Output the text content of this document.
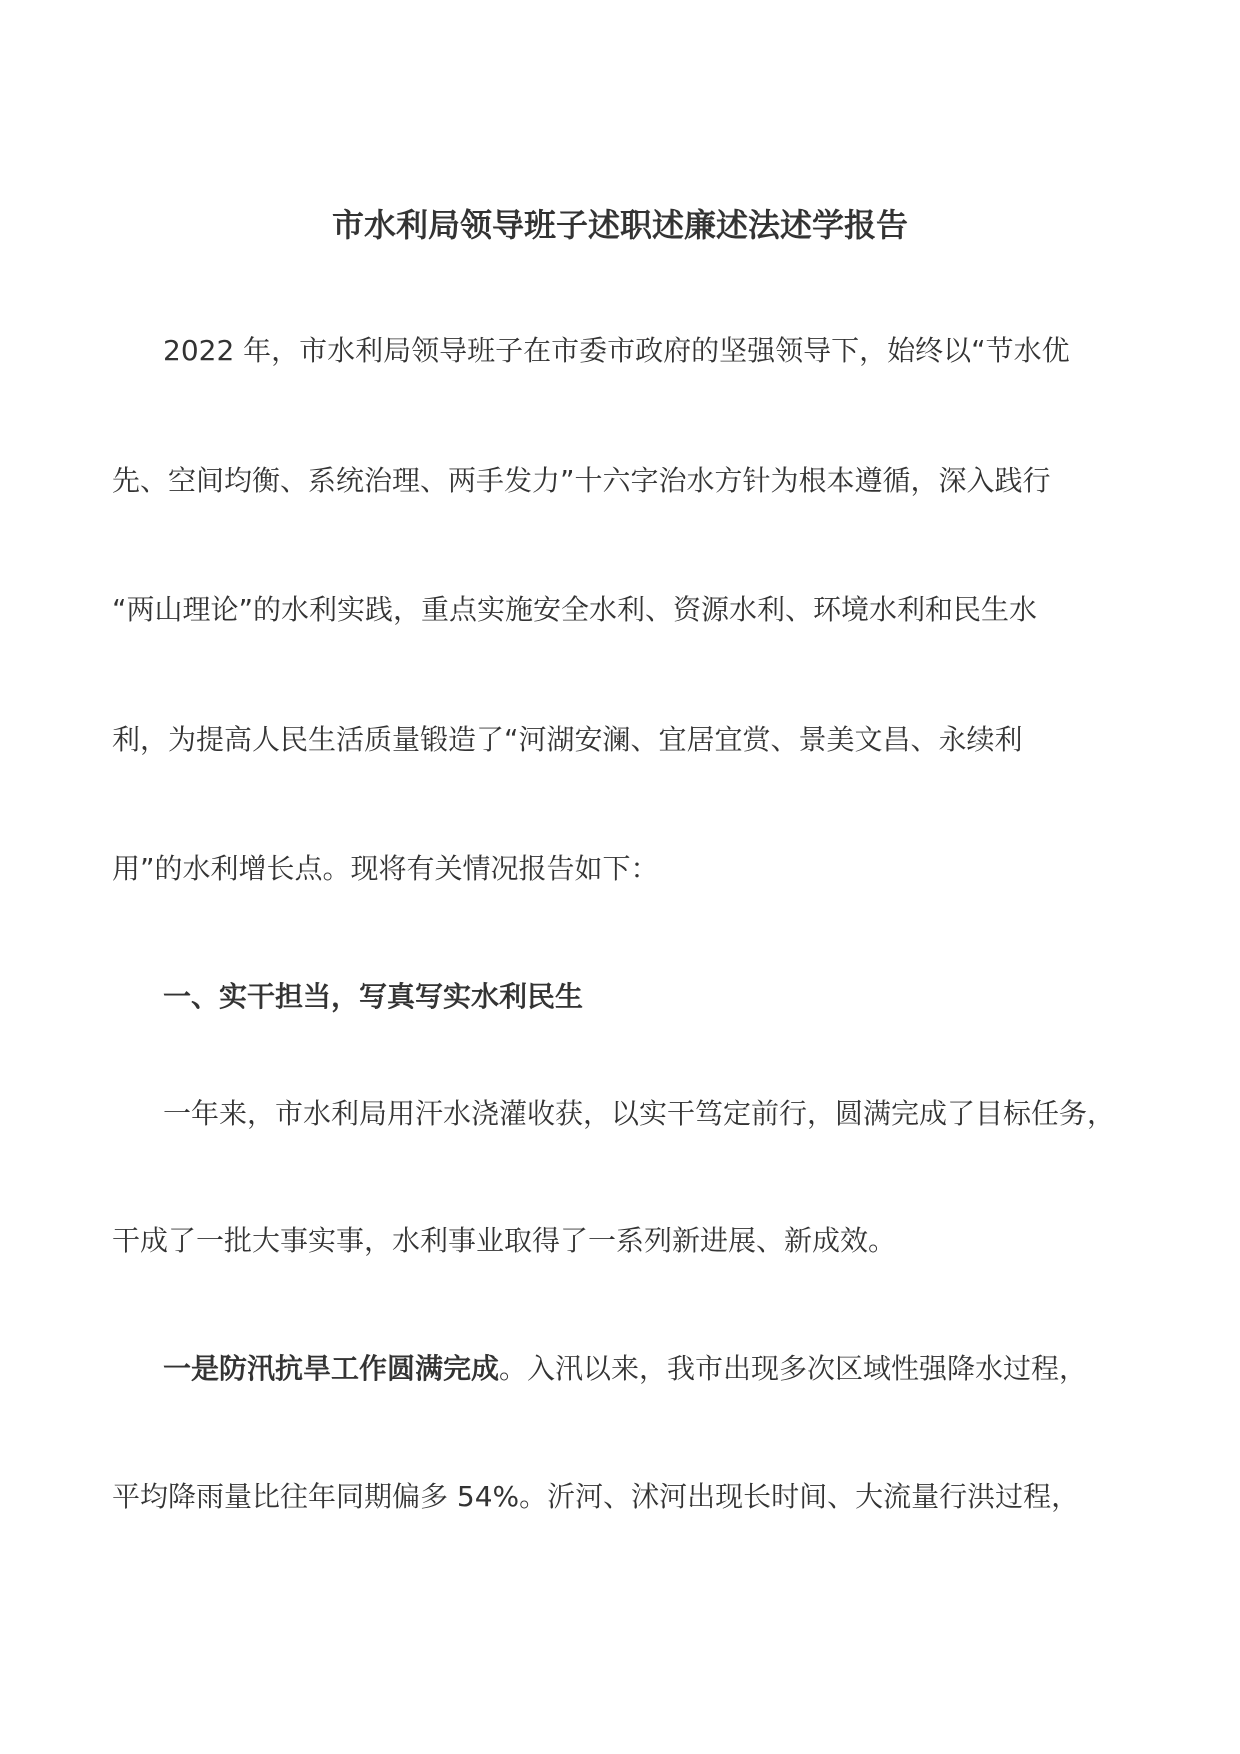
市水利局领导班子述职述廉述法述学报告
2022 年，市水利局领导班子在市委市政府的坚强领导下，始终以“节水优
先、空间均衡、系统治理、两手发力”十六字治水方针为根本遵循，深入践行
“两山理论”的水利实践，重点实施安全水利、资源水利、环境水利和民生水
利，为提高人民生活质量锻造了“河湖安澜、宜居宜赏、景美文昌、永续利
用”的水利增长点。现将有关情况报告如下：
一、实干担当，写真写实水利民生
一年来，市水利局用汗水浇灌收获，以实干笃定前行，圆满完成了目标任务，
干成了一批大事实事，水利事业取得了一系列新进展、新成效。
一是防汛抗旱工作圆满完成。入汛以来，我市出现多次区域性强降水过程，
平均降雨量比往年同期偏多 54%。沂河、沭河出现长时间、大流量行洪过程，
